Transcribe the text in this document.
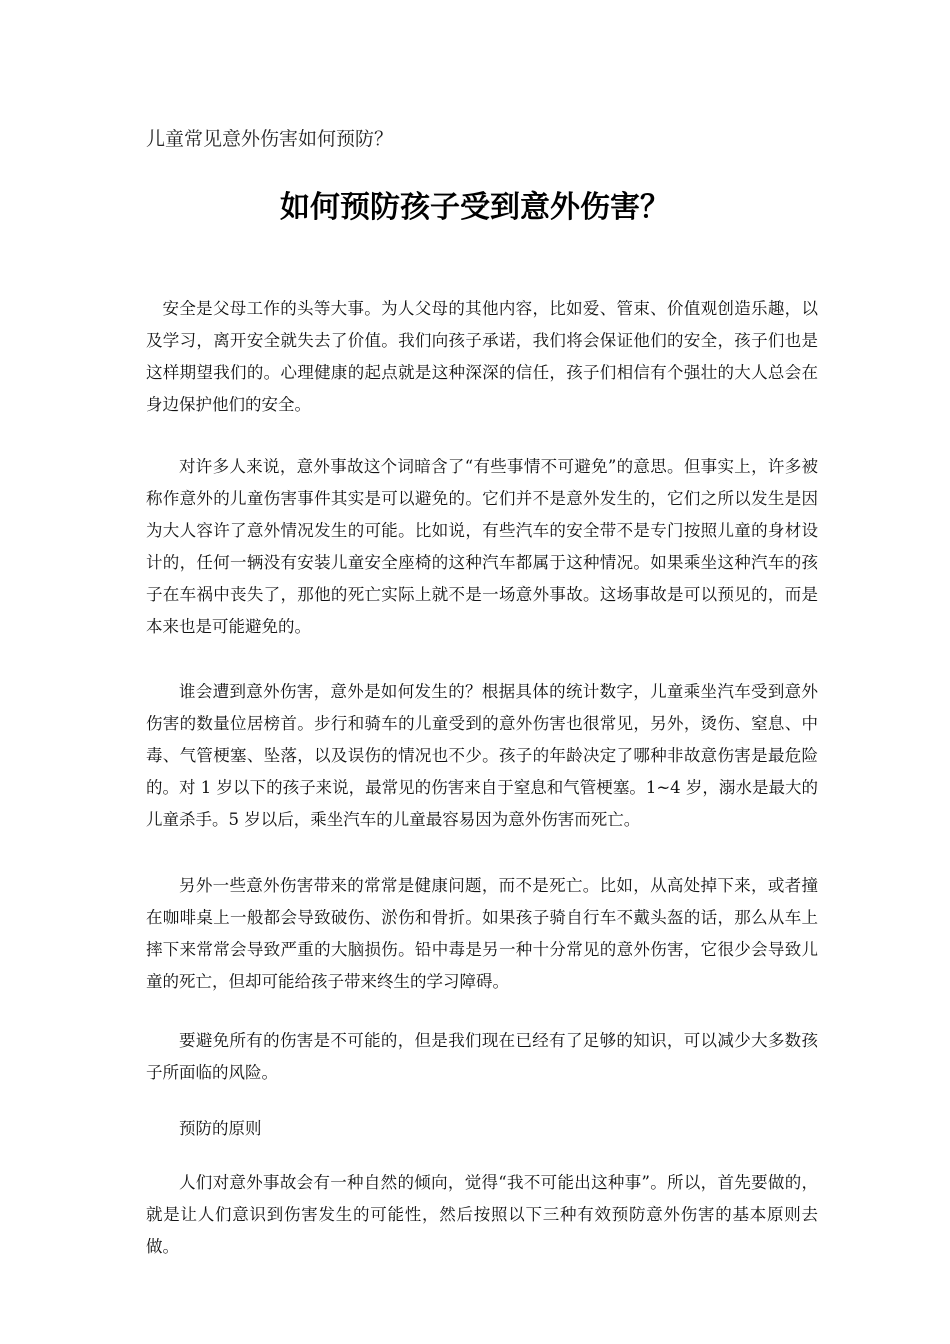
儿童常见意外伤害如何预防？
如何预防孩子受到意外伤害？

安全是父母工作的头等大事。为人父母的其他内容，比如爱、管束、价值观创造乐趣，以及学习，离开安全就失去了价值。我们向孩子承诺，我们将会保证他们的安全，孩子们也是这样期望我们的。心理健康的起点就是这种深深的信任，孩子们相信有个强壮的大人总会在身边保护他们的安全。

对许多人来说，意外事故这个词暗含了“有些事情不可避免”的意思。但事实上，许多被称作意外的儿童伤害事件其实是可以避免的。它们并不是意外发生的，它们之所以发生是因为大人容许了意外情况发生的可能。比如说，有些汽车的安全带不是专门按照儿童的身材设计的，任何一辆没有安装儿童安全座椅的这种汽车都属于这种情况。如果乘坐这种汽车的孩子在车祸中丧失了，那他的死亡实际上就不是一场意外事故。这场事故是可以预见的，而是本来也是可能避免的。

谁会遭到意外伤害，意外是如何发生的？根据具体的统计数字，儿童乘坐汽车受到意外伤害的数量位居榜首。步行和骑车的儿童受到的意外伤害也很常见，另外，烫伤、窒息、中毒、气管梗塞、坠落，以及误伤的情况也不少。孩子的年龄决定了哪种非故意伤害是最危险的。对 1 岁以下的孩子来说，最常见的伤害来自于窒息和气管梗塞。1~4 岁，溺水是最大的儿童杀手。5 岁以后，乘坐汽车的儿童最容易因为意外伤害而死亡。

另外一些意外伤害带来的常常是健康问题，而不是死亡。比如，从高处掉下来，或者撞在咖啡桌上一般都会导致破伤、淤伤和骨折。如果孩子骑自行车不戴头盔的话，那么从车上摔下来常常会导致严重的大脑损伤。铅中毒是另一种十分常见的意外伤害，它很少会导致儿童的死亡，但却可能给孩子带来终生的学习障碍。

要避免所有的伤害是不可能的，但是我们现在已经有了足够的知识，可以减少大多数孩子所面临的风险。

预防的原则

人们对意外事故会有一种自然的倾向，觉得“我不可能出这种事”。所以，首先要做的，就是让人们意识到伤害发生的可能性，然后按照以下三种有效预防意外伤害的基本原则去做。
